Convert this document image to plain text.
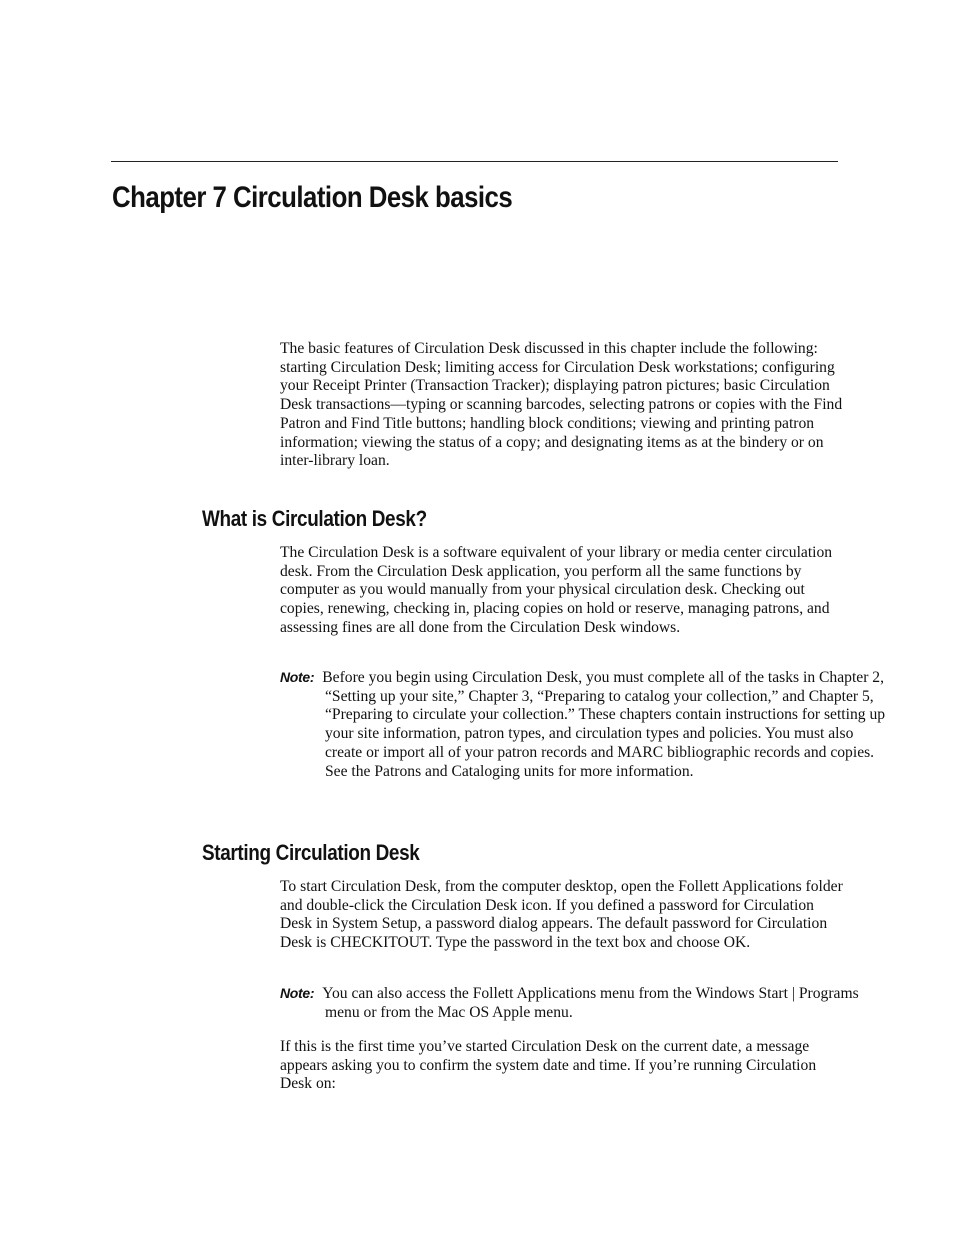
Chapter 7 Circulation Desk basics

The basic features of Circulation Desk discussed in this chapter include the following: starting Circulation Desk; limiting access for Circulation Desk workstations; configuring your Receipt Printer (Transaction Tracker); displaying patron pictures; basic Circulation Desk transactions—typing or scanning barcodes, selecting patrons or copies with the Find Patron and Find Title buttons; handling block conditions; viewing and printing patron information; viewing the status of a copy; and designating items as at the bindery or on inter-library loan.

What is Circulation Desk?

The Circulation Desk is a software equivalent of your library or media center circulation desk. From the Circulation Desk application, you perform all the same functions by computer as you would manually from your physical circulation desk. Checking out copies, renewing, checking in, placing copies on hold or reserve, managing patrons, and assessing fines are all done from the Circulation Desk windows.

Note: Before you begin using Circulation Desk, you must complete all of the tasks in Chapter 2, “Setting up your site,” Chapter 3, “Preparing to catalog your collection,” and Chapter 5, “Preparing to circulate your collection.” These chapters contain instructions for setting up your site information, patron types, and circulation types and policies. You must also create or import all of your patron records and MARC bibliographic records and copies. See the Patrons and Cataloging units for more information.

Starting Circulation Desk

To start Circulation Desk, from the computer desktop, open the Follett Applications folder and double-click the Circulation Desk icon. If you defined a password for Circulation Desk in System Setup, a password dialog appears. The default password for Circulation Desk is CHECKITOUT. Type the password in the text box and choose OK.

Note: You can also access the Follett Applications menu from the Windows Start | Programs menu or from the Mac OS Apple menu.

If this is the first time you’ve started Circulation Desk on the current date, a message appears asking you to confirm the system date and time. If you’re running Circulation Desk on:
